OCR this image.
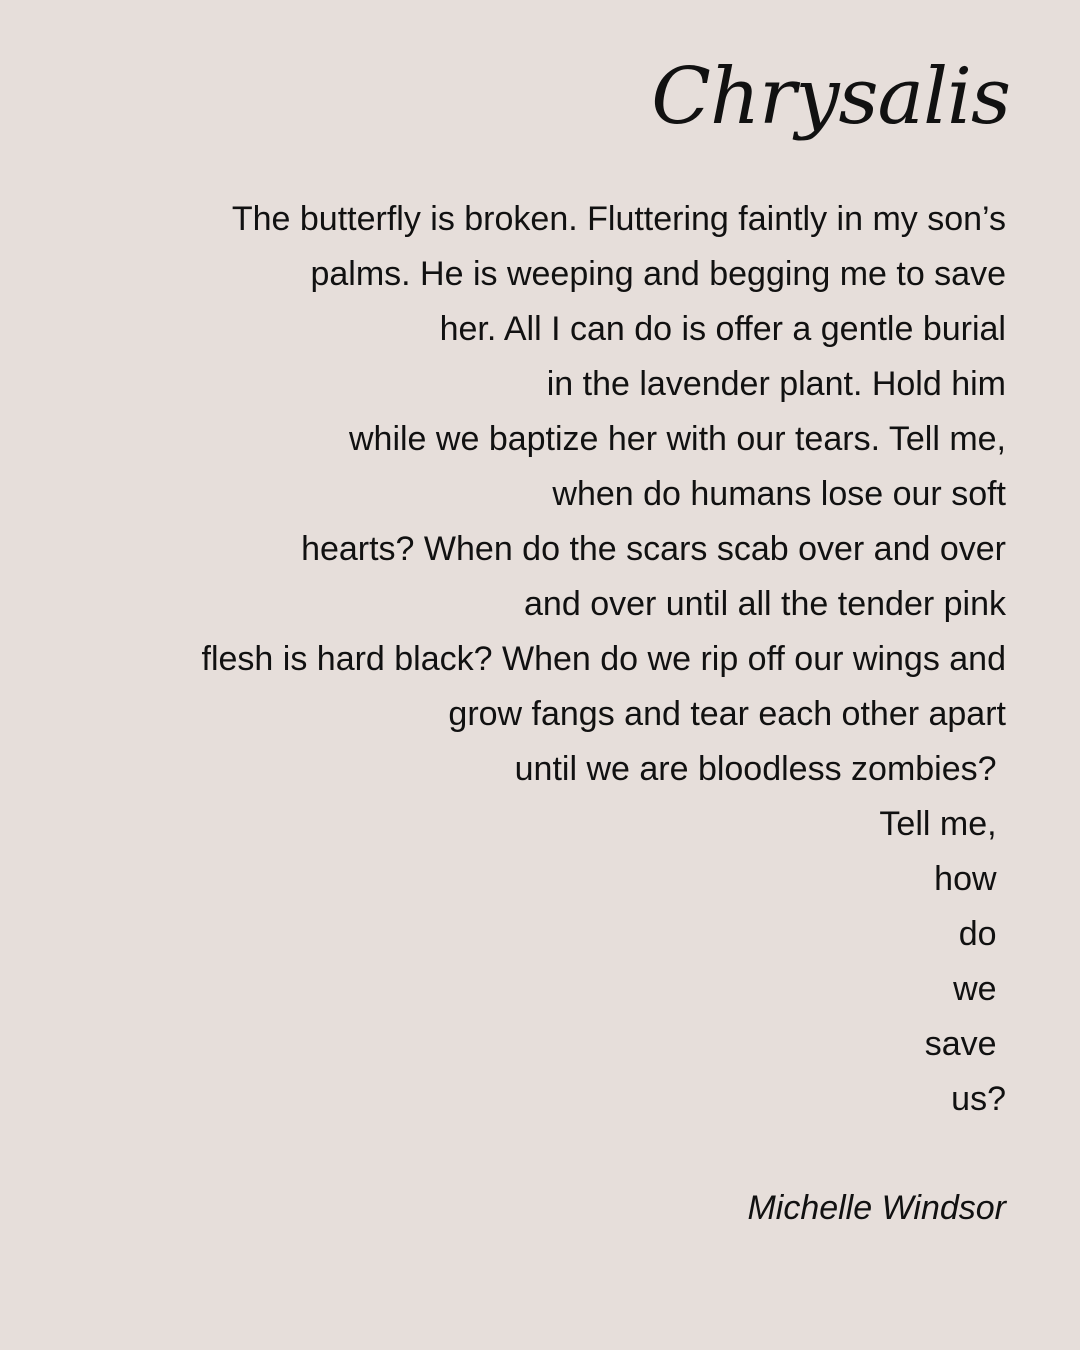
Chrysalis
The butterfly is broken. Fluttering faintly in my son’s
palms. He is weeping and begging me to save
her. All I can do is offer a gentle burial
in the lavender plant. Hold him
while we baptize her with our tears. Tell me,
when do humans lose our soft
hearts? When do the scars scab over and over
and over until all the tender pink
flesh is hard black? When do we rip off our wings and
grow fangs and tear each other apart
until we are bloodless zombies?
Tell me,
how
do
we
save
us?

Michelle Windsor
